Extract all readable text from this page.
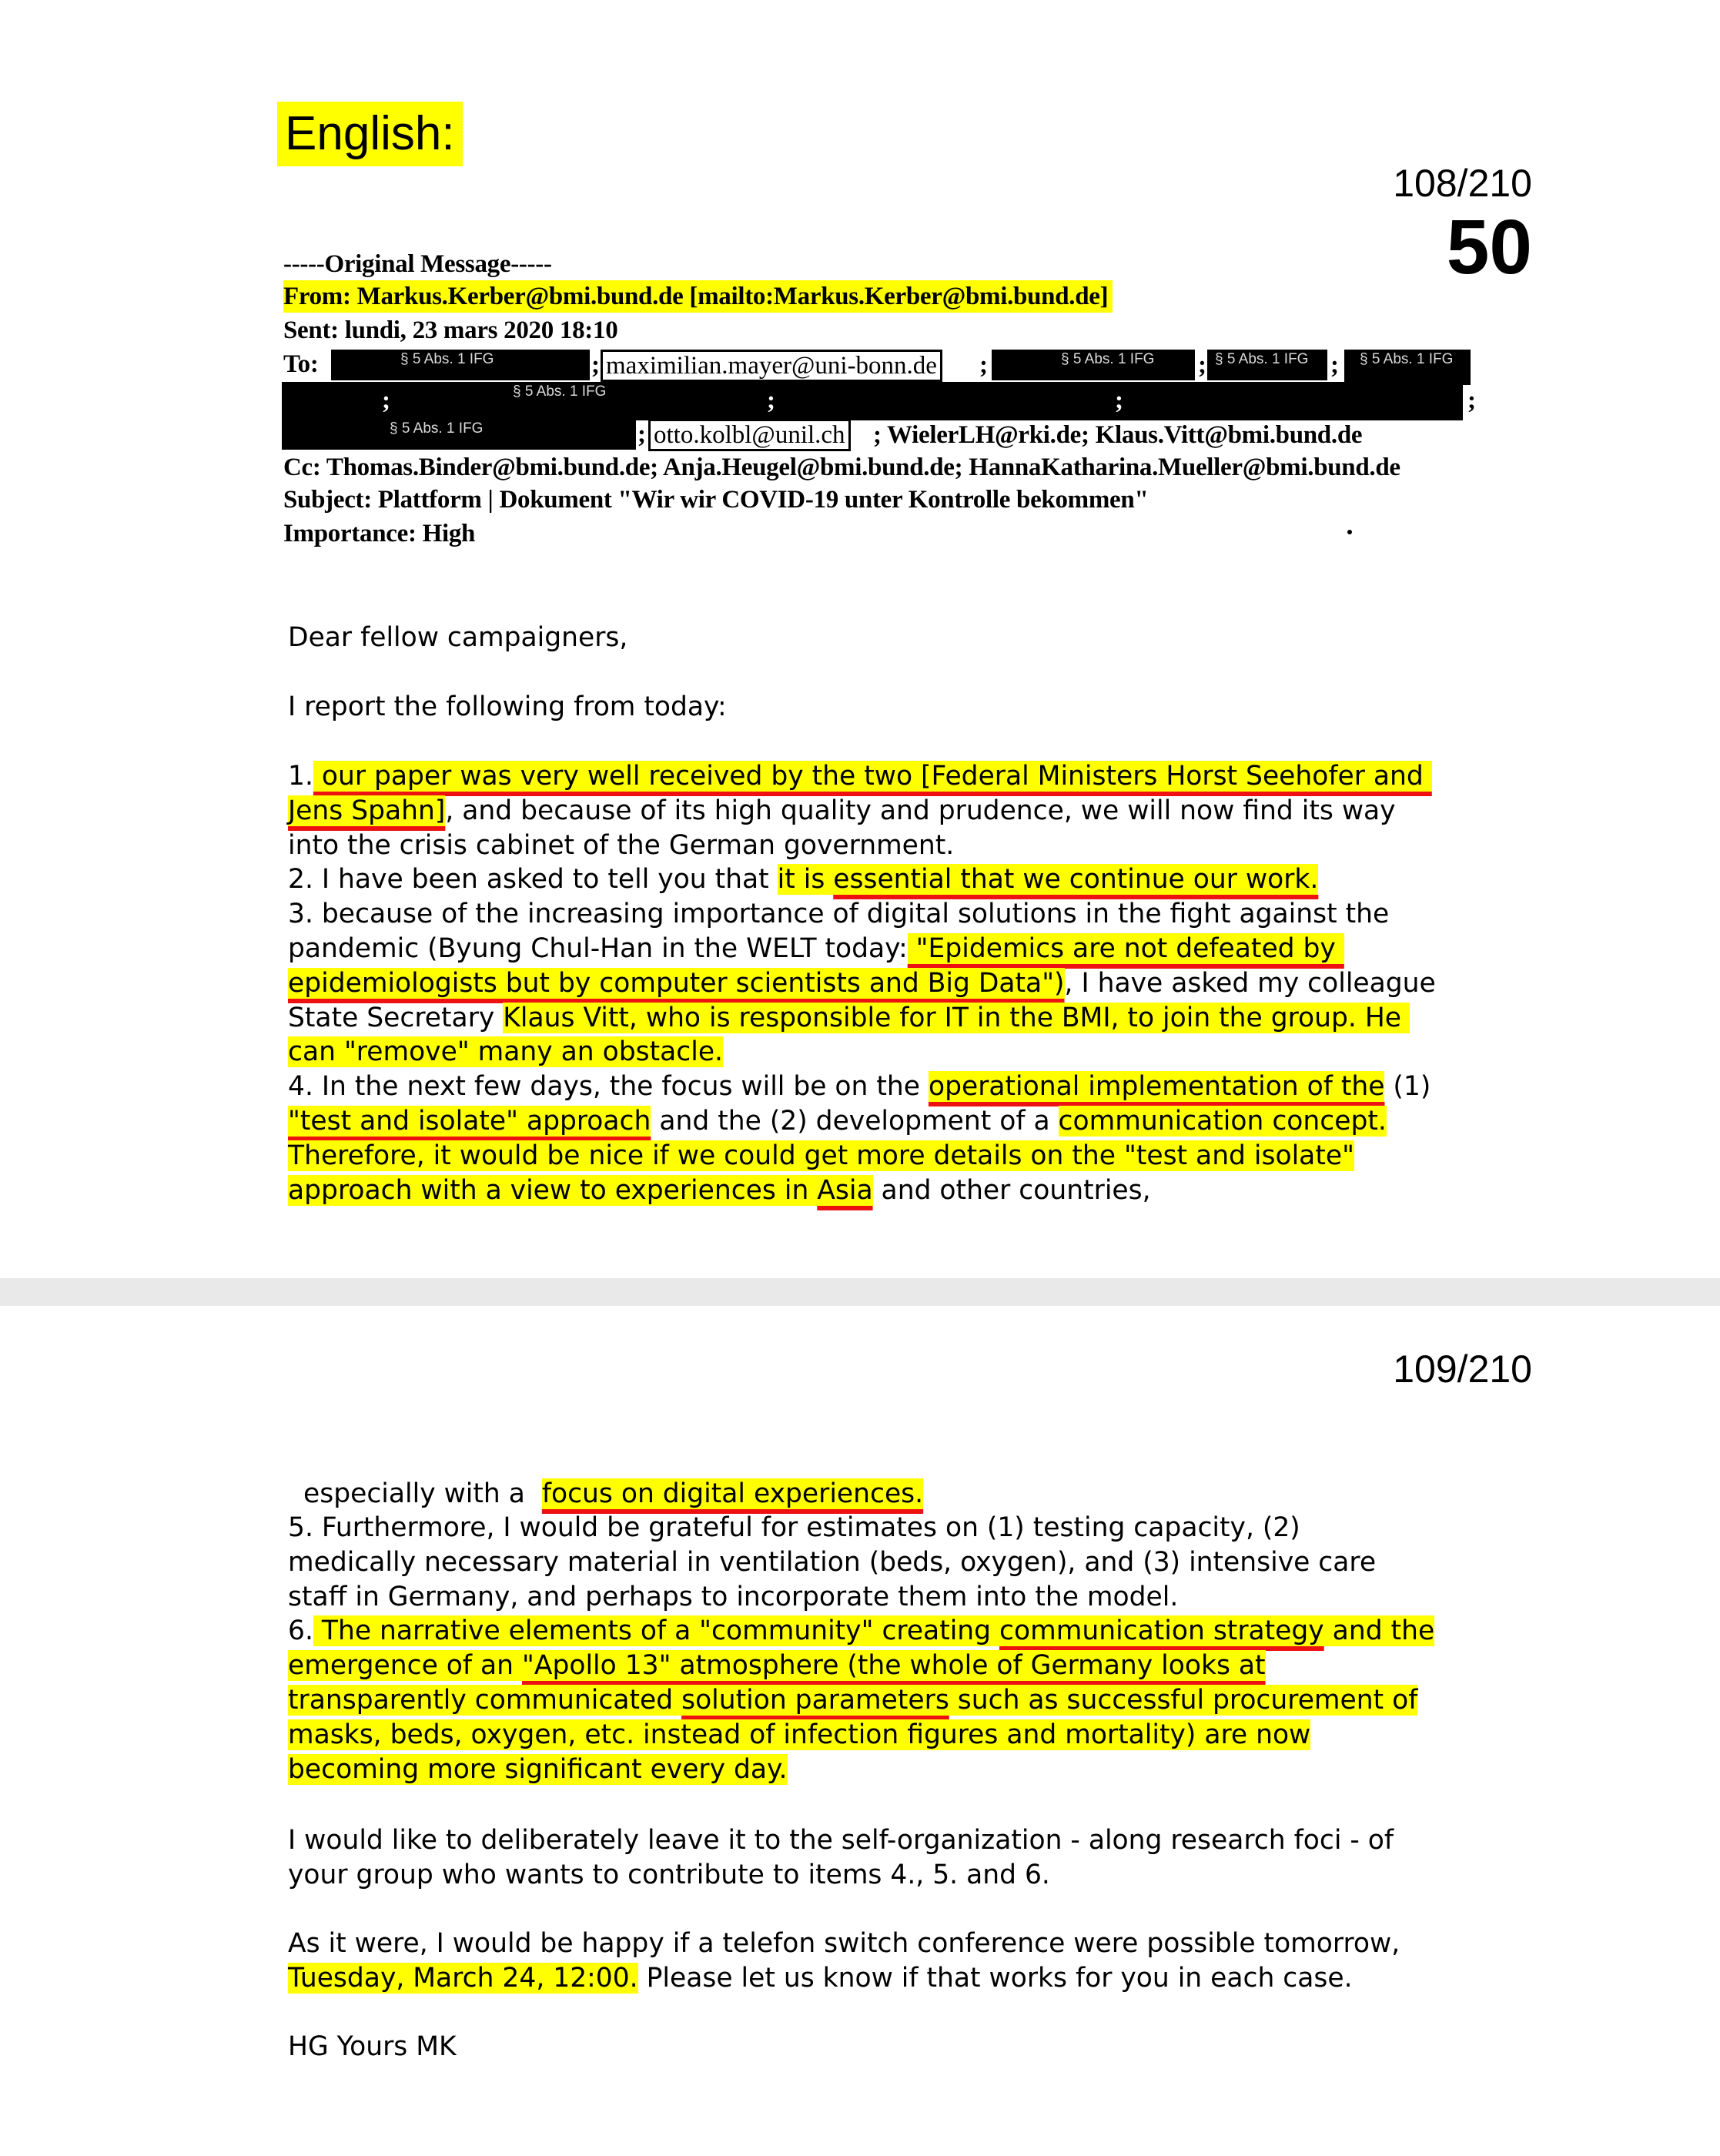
English:
108/210
50
-----Original Message-----
From: Markus.Kerber@bmi.bund.de [mailto:Markus.Kerber@bmi.bund.de]
Sent: lundi, 23 mars 2020 18:10
To:	§ 5 Abs. 1 IFG	; maximilian.mayer@uni-bonn.de ;	§ 5 Abs. 1 IFG	; § 5 Abs. 1 IFG ;	§ 5 Abs. 1 IFG
§ 5 Abs. 1 IFG
;	;	;	;
§ 5 Abs. 1 IFG	; otto.kolbl@unil.ch ; WielerLH@rki.de; Klaus.Vitt@bmi.bund.de
Cc: Thomas.Binder@bmi.bund.de; Anja.Heugel@bmi.bund.de; HannaKatharina.Mueller@bmi.bund.de
Subject: Plattform | Dokument "Wir wir COVID-19 unter Kontrolle bekommen"
Importance: High
Dear fellow campaigners,
I report the following from today:
1. our paper was very well received by the two [Federal Ministers Horst Seehofer and
Jens Spahn], and because of its high quality and prudence, we will now find its way
into the crisis cabinet of the German government.
2. I have been asked to tell you that it is essential that we continue our work.
3. because of the increasing importance of digital solutions in the fight against the
pandemic (Byung Chul-Han in the WELT today: "Epidemics are not defeated by
epidemiologists but by computer scientists and Big Data"), I have asked my colleague
State Secretary Klaus Vitt, who is responsible for IT in the BMI, to join the group. He
can "remove" many an obstacle.
4. In the next few days, the focus will be on the operational implementation of the (1)
"test and isolate" approach and the (2) development of a communication concept.
Therefore, it would be nice if we could get more details on the "test and isolate"
approach with a view to experiences in Asia and other countries,
109/210
especially with a  focus on digital experiences.
5. Furthermore, I would be grateful for estimates on (1) testing capacity, (2)
medically necessary material in ventilation (beds, oxygen), and (3) intensive care
staff in Germany, and perhaps to incorporate them into the model.
6. The narrative elements of a "community" creating communication strategy and the
emergence of an "Apollo 13" atmosphere (the whole of Germany looks at
transparently communicated solution parameters such as successful procurement of
masks, beds, oxygen, etc. instead of infection figures and mortality) are now
becoming more significant every day.
I would like to deliberately leave it to the self-organization - along research foci - of
your group who wants to contribute to items 4., 5. and 6.
As it were, I would be happy if a telefon switch conference were possible tomorrow,
Tuesday, March 24, 12:00. Please let us know if that works for you in each case.
HG Yours MK
